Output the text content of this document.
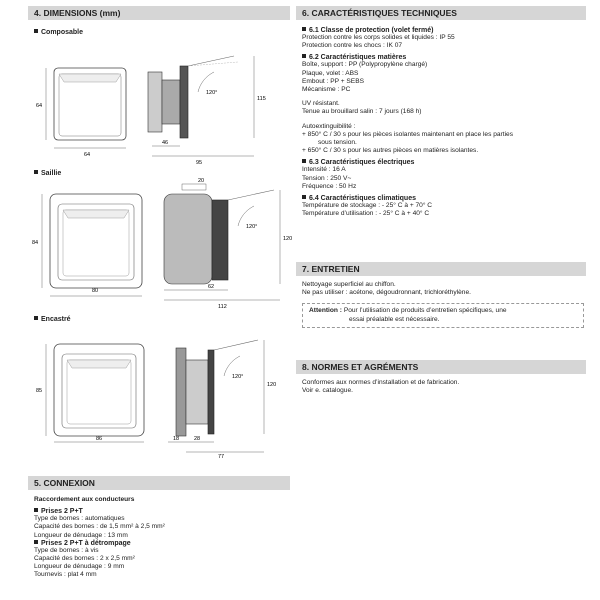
4. DIMENSIONS (mm)

Composable

64
64
120°
115
46
95

Saillie

84
80
20
120°
120
62
112

Encastré

85
86
120°
120
18	28
77
5. CONNEXION

Raccordement aux conducteurs

Prises 2 P+T

Type de bornes : automatiques

Capacité des bornes : de 1,5 mm² à 2,5 mm²

Longueur de dénudage : 13 mm

Prises 2 P+T à détrompage

Type de bornes : à vis

Capacité des bornes : 2 x 2,5 mm²

Longueur de dénudage : 9 mm

Tournevis : plat 4 mm

6. CARACTÉRISTIQUES TECHNIQUES

6.1 Classe de protection (volet fermé)

Protection contre les corps solides et liquides : IP 55

Protection contre les chocs : IK 07

6.2 Caractéristiques matières

Boîte, support : PP (Polypropylène chargé)

Plaque, volet : ABS

Embout : PP + SEBS

Mécanisme : PC

UV résistant.

Tenue au brouillard salin : 7 jours (168 h)

Autoextinguibilité :

+ 850° C / 30 s pour les pièces isolantes maintenant en place les parties

sous tension.

+ 650° C / 30 s pour les autres pièces en matières isolantes.

6.3 Caractéristiques électriques

Intensité : 16 A

Tension : 250 V~

Fréquence : 50 Hz

6.4 Caractéristiques climatiques

Température de stockage : - 25° C à + 70° C

Température d’utilisation : - 25° C à + 40° C

7. ENTRETIEN

Nettoyage superficiel au chiffon.

Ne pas utiliser : acétone, dégoudronnant, trichloréthylène.

Attention : Pour l’utilisation de produits d’entretien spécifiques, une
essai préalable est nécessaire.
8. NORMES ET AGRÉMENTS

Conformes aux normes d’installation et de fabrication.

Voir e. catalogue.
